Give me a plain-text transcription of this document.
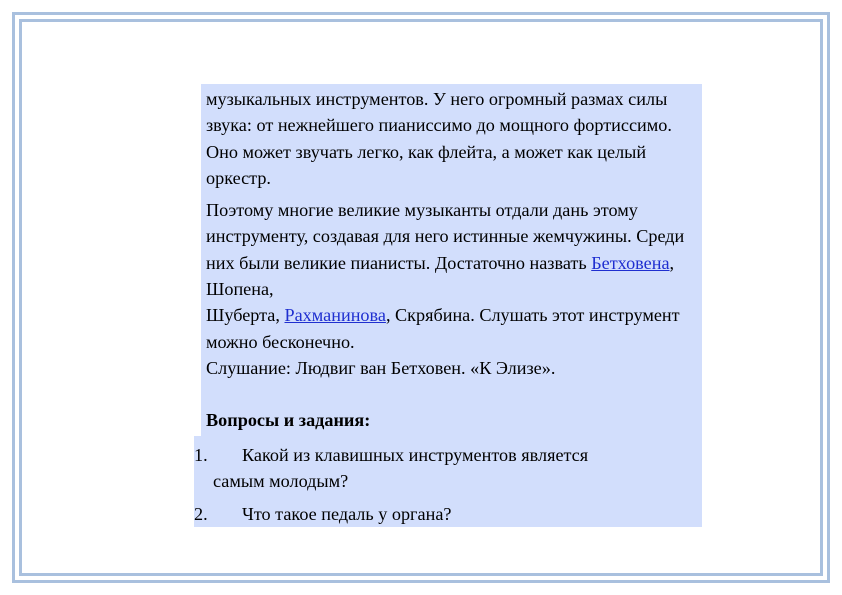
музыкальных инструментов. У него огромный размах силы звука: от нежнейшего пианиссимо до мощного фортиссимо. Оно может звучать легко, как флейта, а может как целый оркестр.

Поэтому многие великие музыканты отдали дань этому инструменту, создавая для него истинные жемчужины. Среди них были великие пианисты. Достаточно назвать Бетховена, Шопена,
Шуберта, Рахманинова, Скрябина. Слушать этот инструмент можно бесконечно.

Слушание: Людвиг ван Бетховен. «К Элизе».

Вопросы и задания:

1. Какой из клавишных инструментов является
самым молодым?
2. Что такое педаль у органа?
